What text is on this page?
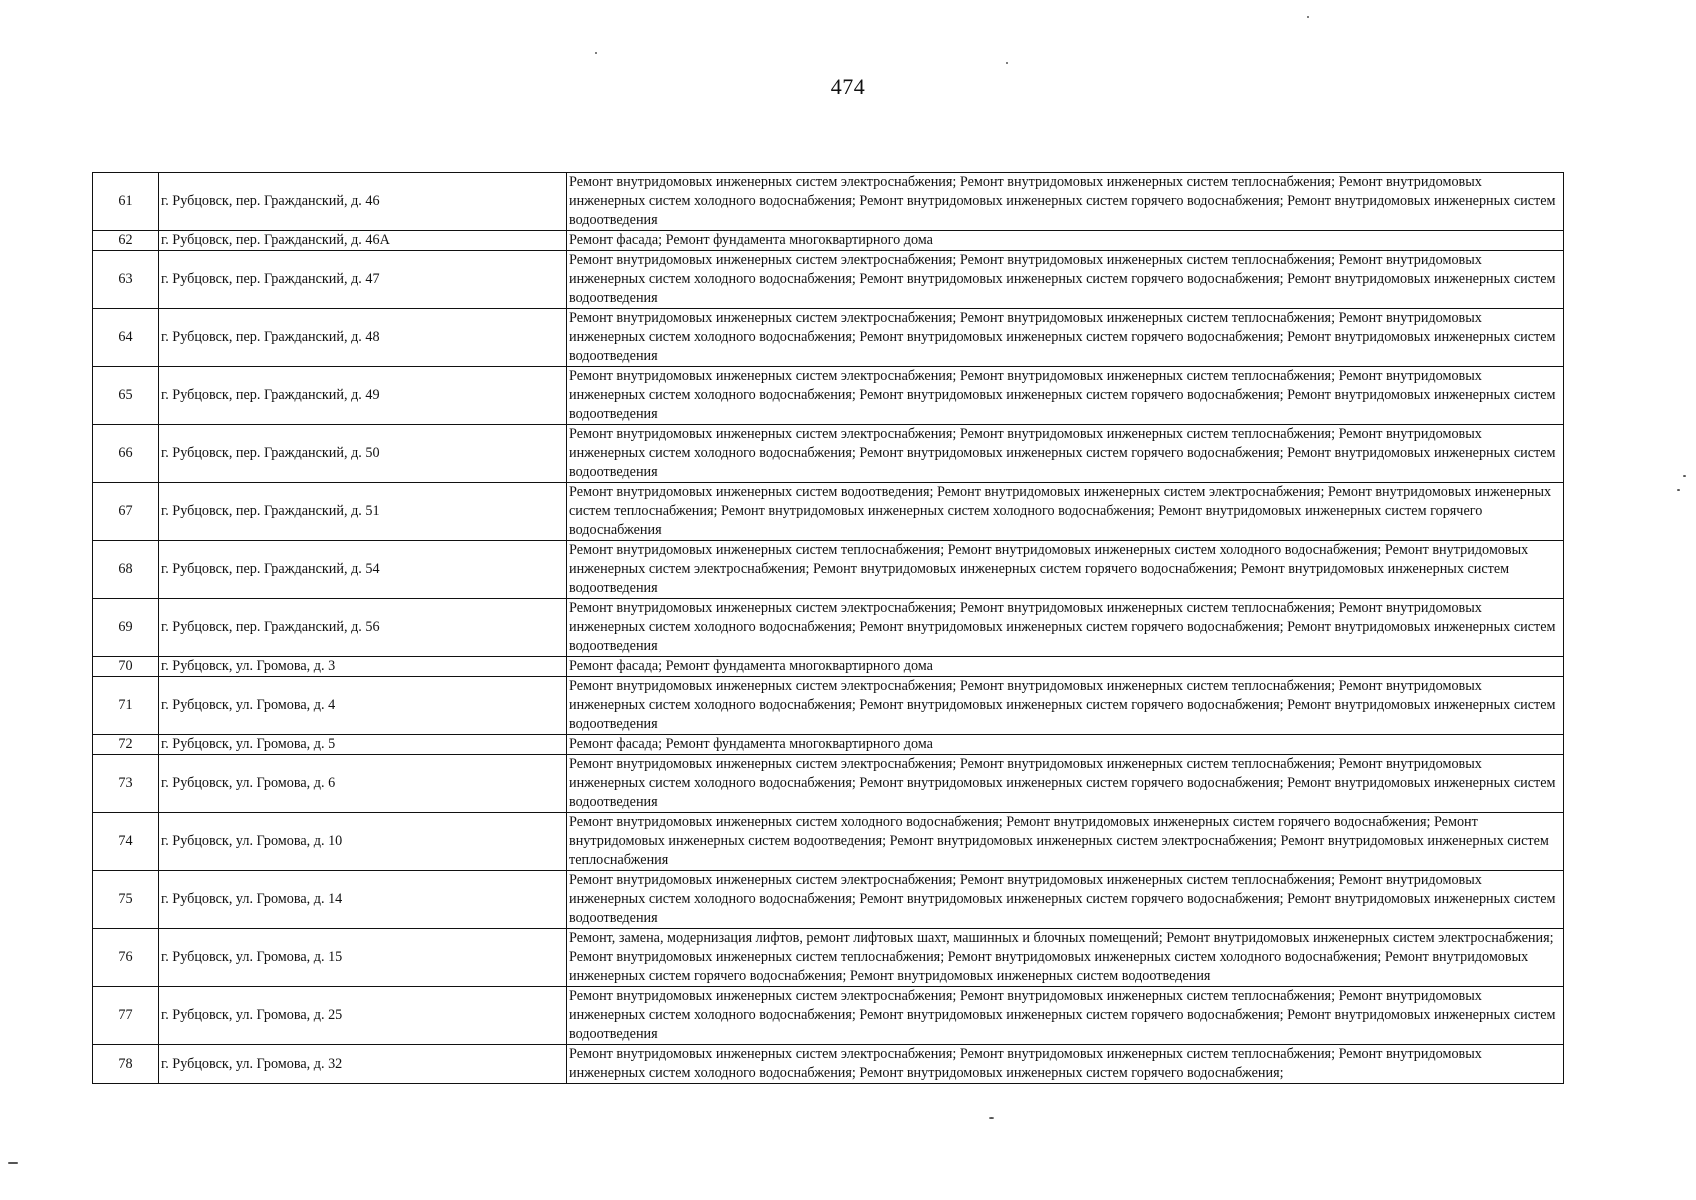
474
61	г. Рубцовск, пер. Гражданский, д. 46	Ремонт внутридомовых инженерных систем электроснабжения; Ремонт внутридомовых инженерных систем теплоснабжения; Ремонт внутридомовых инженерных систем холодного водоснабжения; Ремонт внутридомовых инженерных систем горячего водоснабжения; Ремонт внутридомовых инженерных систем водоотведения
62	г. Рубцовск, пер. Гражданский, д. 46А	Ремонт фасада; Ремонт фундамента многоквартирного дома
63	г. Рубцовск, пер. Гражданский, д. 47	Ремонт внутридомовых инженерных систем электроснабжения; Ремонт внутридомовых инженерных систем теплоснабжения; Ремонт внутридомовых инженерных систем холодного водоснабжения; Ремонт внутридомовых инженерных систем горячего водоснабжения; Ремонт внутридомовых инженерных систем водоотведения
64	г. Рубцовск, пер. Гражданский, д. 48	Ремонт внутридомовых инженерных систем электроснабжения; Ремонт внутридомовых инженерных систем теплоснабжения; Ремонт внутридомовых инженерных систем холодного водоснабжения; Ремонт внутридомовых инженерных систем горячего водоснабжения; Ремонт внутридомовых инженерных систем водоотведения
65	г. Рубцовск, пер. Гражданский, д. 49	Ремонт внутридомовых инженерных систем электроснабжения; Ремонт внутридомовых инженерных систем теплоснабжения; Ремонт внутридомовых инженерных систем холодного водоснабжения; Ремонт внутридомовых инженерных систем горячего водоснабжения; Ремонт внутридомовых инженерных систем водоотведения
66	г. Рубцовск, пер. Гражданский, д. 50	Ремонт внутридомовых инженерных систем электроснабжения; Ремонт внутридомовых инженерных систем теплоснабжения; Ремонт внутридомовых инженерных систем холодного водоснабжения; Ремонт внутридомовых инженерных систем горячего водоснабжения; Ремонт внутридомовых инженерных систем водоотведения
67	г. Рубцовск, пер. Гражданский, д. 51	Ремонт внутридомовых инженерных систем водоотведения; Ремонт внутридомовых инженерных систем электроснабжения; Ремонт внутридомовых инженерных систем теплоснабжения; Ремонт внутридомовых инженерных систем холодного водоснабжения; Ремонт внутридомовых инженерных систем горячего водоснабжения
68	г. Рубцовск, пер. Гражданский, д. 54	Ремонт внутридомовых инженерных систем теплоснабжения; Ремонт внутридомовых инженерных систем холодного водоснабжения; Ремонт внутридомовых инженерных систем электроснабжения; Ремонт внутридомовых инженерных систем горячего водоснабжения; Ремонт внутридомовых инженерных систем водоотведения
69	г. Рубцовск, пер. Гражданский, д. 56	Ремонт внутридомовых инженерных систем электроснабжения; Ремонт внутридомовых инженерных систем теплоснабжения; Ремонт внутридомовых инженерных систем холодного водоснабжения; Ремонт внутридомовых инженерных систем горячего водоснабжения; Ремонт внутридомовых инженерных систем водоотведения
70	г. Рубцовск, ул. Громова, д. 3	Ремонт фасада; Ремонт фундамента многоквартирного дома
71	г. Рубцовск, ул. Громова, д. 4	Ремонт внутридомовых инженерных систем электроснабжения; Ремонт внутридомовых инженерных систем теплоснабжения; Ремонт внутридомовых инженерных систем холодного водоснабжения; Ремонт внутридомовых инженерных систем горячего водоснабжения; Ремонт внутридомовых инженерных систем водоотведения
72	г. Рубцовск, ул. Громова, д. 5	Ремонт фасада; Ремонт фундамента многоквартирного дома
73	г. Рубцовск, ул. Громова, д. 6	Ремонт внутридомовых инженерных систем электроснабжения; Ремонт внутридомовых инженерных систем теплоснабжения; Ремонт внутридомовых инженерных систем холодного водоснабжения; Ремонт внутридомовых инженерных систем горячего водоснабжения; Ремонт внутридомовых инженерных систем водоотведения
74	г. Рубцовск, ул. Громова, д. 10	Ремонт внутридомовых инженерных систем холодного водоснабжения; Ремонт внутридомовых инженерных систем горячего водоснабжения; Ремонт внутридомовых инженерных систем водоотведения; Ремонт внутридомовых инженерных систем электроснабжения; Ремонт внутридомовых инженерных систем теплоснабжения
75	г. Рубцовск, ул. Громова, д. 14	Ремонт внутридомовых инженерных систем электроснабжения; Ремонт внутридомовых инженерных систем теплоснабжения; Ремонт внутридомовых инженерных систем холодного водоснабжения; Ремонт внутридомовых инженерных систем горячего водоснабжения; Ремонт внутридомовых инженерных систем водоотведения
76	г. Рубцовск, ул. Громова, д. 15	Ремонт, замена, модернизация лифтов, ремонт лифтовых шахт, машинных и блочных помещений; Ремонт внутридомовых инженерных систем электроснабжения; Ремонт внутридомовых инженерных систем теплоснабжения; Ремонт внутридомовых инженерных систем холодного водоснабжения; Ремонт внутридомовых инженерных систем горячего водоснабжения; Ремонт внутридомовых инженерных систем водоотведения
77	г. Рубцовск, ул. Громова, д. 25	Ремонт внутридомовых инженерных систем электроснабжения; Ремонт внутридомовых инженерных систем теплоснабжения; Ремонт внутридомовых инженерных систем холодного водоснабжения; Ремонт внутридомовых инженерных систем горячего водоснабжения; Ремонт внутридомовых инженерных систем водоотведения
78	г. Рубцовск, ул. Громова, д. 32	Ремонт внутридомовых инженерных систем электроснабжения; Ремонт внутридомовых инженерных систем теплоснабжения; Ремонт внутридомовых инженерных систем холодного водоснабжения; Ремонт внутридомовых инженерных систем горячего водоснабжения;
